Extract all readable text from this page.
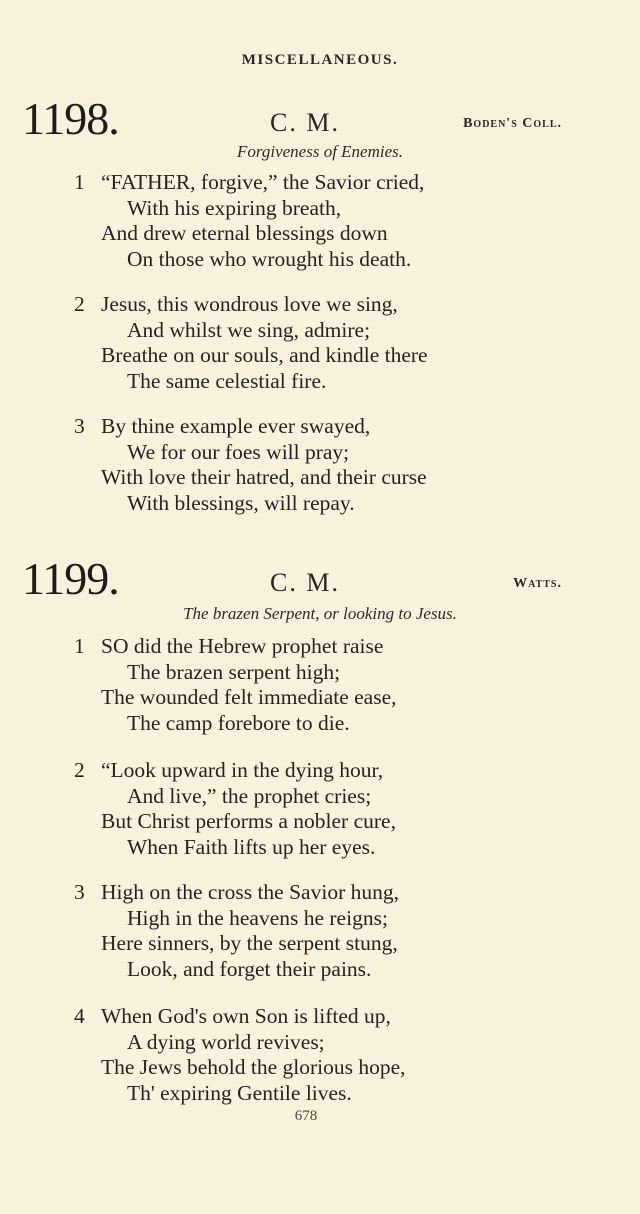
MISCELLANEOUS.
1198.	C. M.	Boden's Coll.
Forgiveness of Enemies.
1 “FATHER, forgive,” the Savior cried,
With his expiring breath,
And drew eternal blessings down
On those who wrought his death.
2 Jesus, this wondrous love we sing,
And whilst we sing, admire;
Breathe on our souls, and kindle there
The same celestial fire.
3 By thine example ever swayed,
We for our foes will pray;
With love their hatred, and their curse
With blessings, will repay.
1199.	C. M.	Watts.
The brazen Serpent, or looking to Jesus.
1 SO did the Hebrew prophet raise
The brazen serpent high;
The wounded felt immediate ease,
The camp forebore to die.
2 “Look upward in the dying hour,
And live,” the prophet cries;
But Christ performs a nobler cure,
When Faith lifts up her eyes.
3 High on the cross the Savior hung,
High in the heavens he reigns;
Here sinners, by the serpent stung,
Look, and forget their pains.
4 When God's own Son is lifted up,
A dying world revives;
The Jews behold the glorious hope,
Th' expiring Gentile lives.
678
